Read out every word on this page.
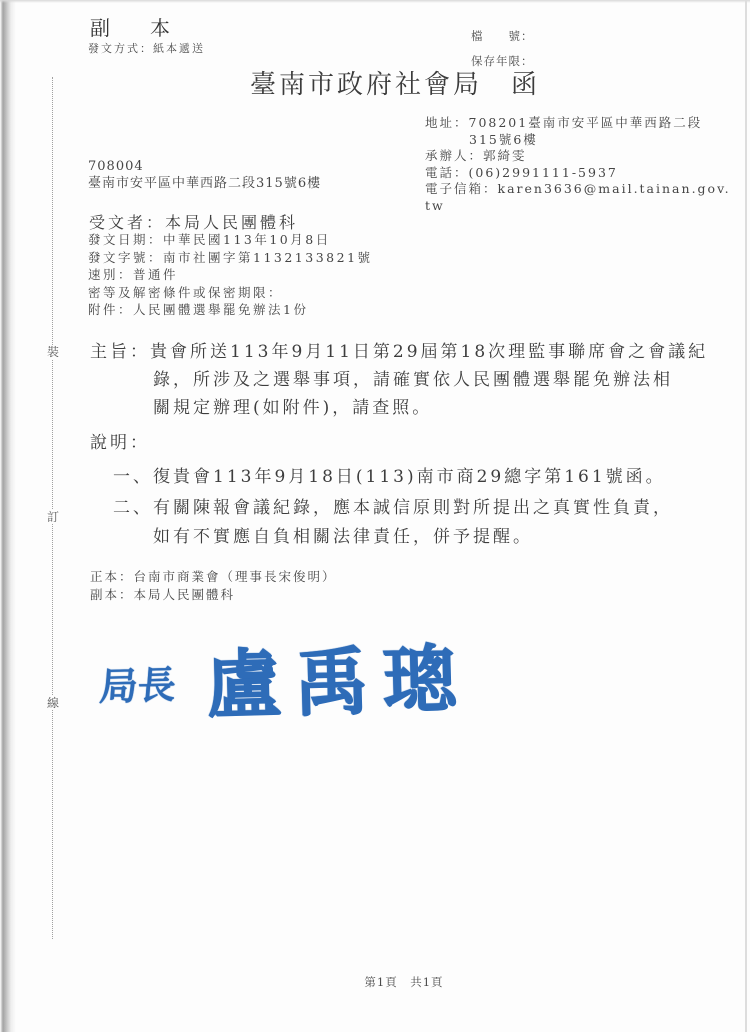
裝
訂
線
副　本
發文方式：紙本遞送
檔　　號：
保存年限：
臺南市政府社會局　函
地址：708201臺南市安平區中華西路二段
315號6樓
承辦人：郭綺雯
電話：(06)2991111-5937
電子信箱：karen3636@mail.tainan.gov.
tw
708004
臺南市安平區中華西路二段315號6樓
受文者：本局人民團體科
發文日期：中華民國113年10月8日
發文字號：南市社團字第1132133821號
速別：普通件
密等及解密條件或保密期限：
附件：人民團體選舉罷免辦法1份
主旨：貴會所送113年9月11日第29屆第18次理監事聯席會之會議紀
錄，所涉及之選舉事項，請確實依人民團體選舉罷免辦法相
關規定辦理(如附件)，請查照。
說明：
一、復貴會113年9月18日(113)南市商29總字第161號函。
二、有關陳報會議紀錄，應本誠信原則對所提出之真實性負責，
如有不實應自負相關法律責任，併予提醒。
正本：台南市商業會（理事長宋俊明）
副本：本局人民團體科
局長 盧禹璁
第1頁　共1頁
